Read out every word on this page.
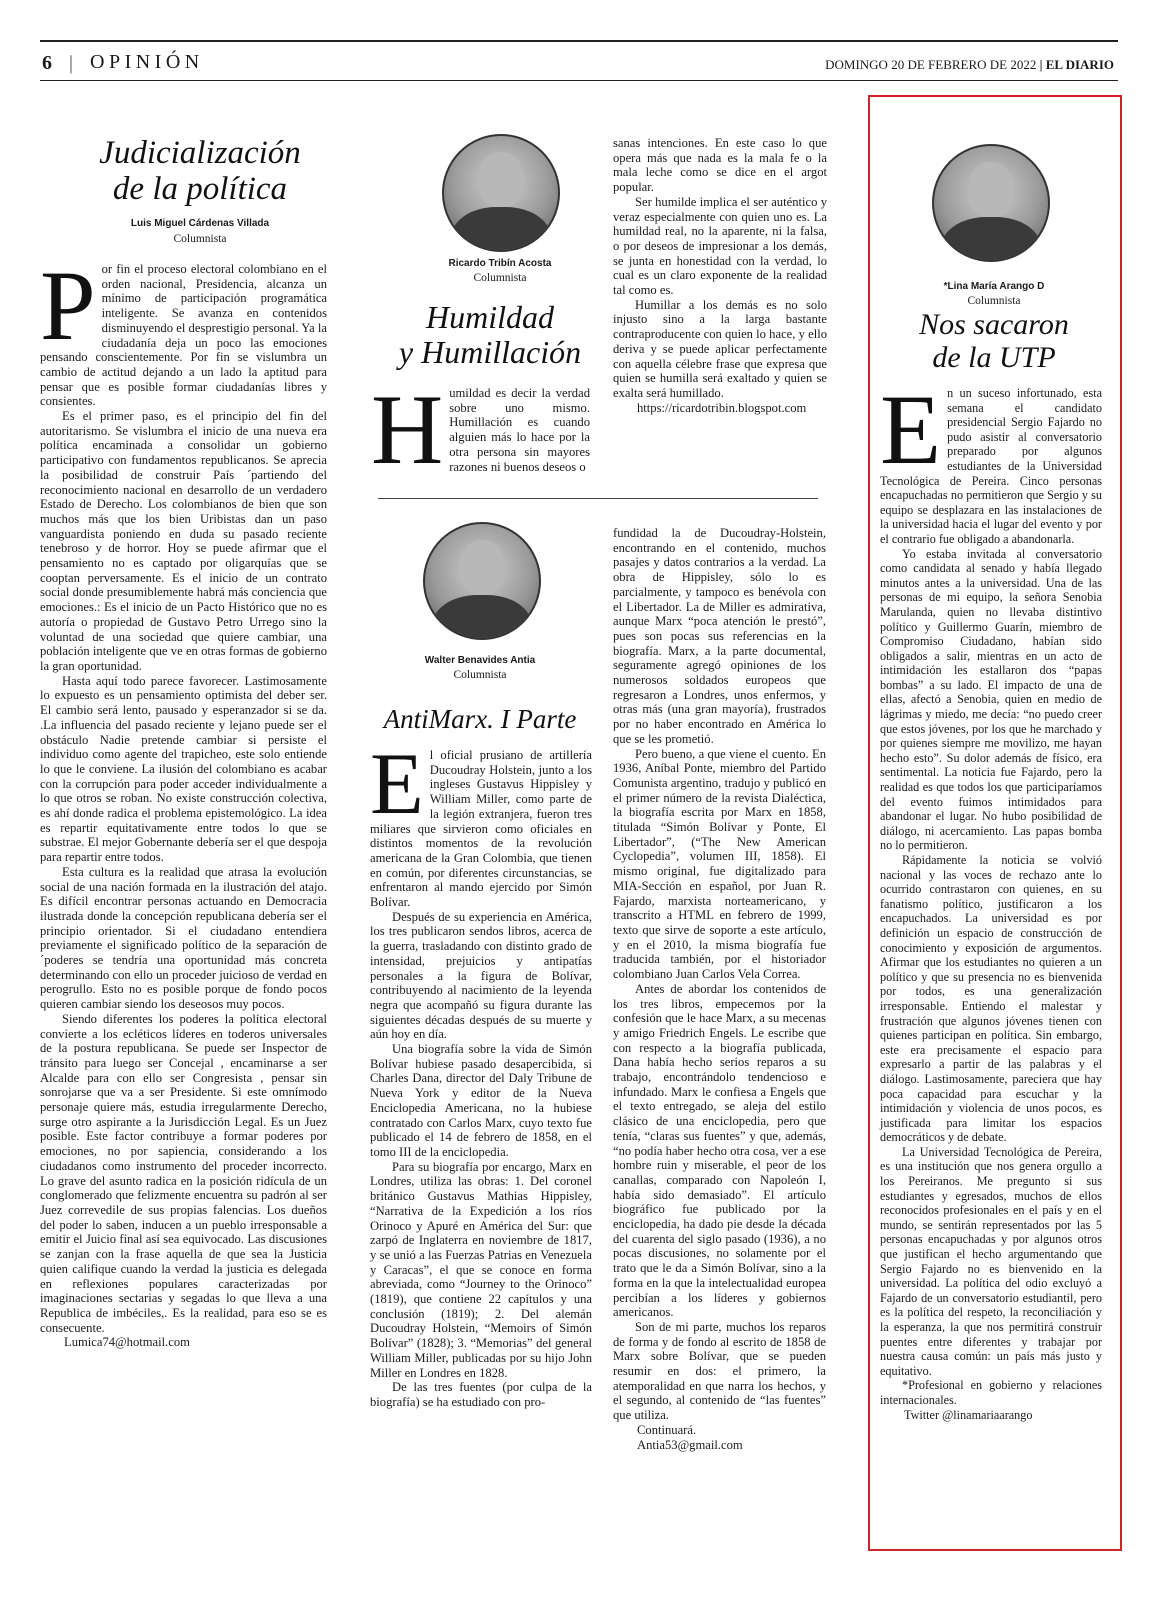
6 | OPINIÓN	DOMINGO 20 DE FEBRERO DE 2022 | EL DIARIO
Judicialización
de la política
Luis Miguel Cárdenas Villada
Columnista

Por fin el proceso electoral colombiano en el orden nacional, Presidencia, alcanza un mínimo de participación programática inteligente. Se avanza en contenidos disminuyendo el desprestigio personal. Ya la ciudadanía deja un poco las emociones pensando conscientemente. Por fin se vislumbra un cambio de actitud dejando a un lado la aptitud para pensar que es posible formar ciudadanías libres y consientes.

Es el primer paso, es el principio del fin del autoritarismo. Se vislumbra el inicio de una nueva era política encaminada a consolidar un gobierno participativo con fundamentos republicanos. Se aprecia la posibilidad de construir País ´partiendo del reconocimiento nacional en desarrollo de un verdadero Estado de Derecho. Los colombianos de bien que son muchos más que los bien Uribistas dan un paso vanguardista poniendo en duda su pasado reciente tenebroso y de horror. Hoy se puede afirmar que el pensamiento no es captado por oligarquías que se cooptan perversamente. Es el inicio de un contrato social donde presumiblemente habrá más conciencia que emociones.: Es el inicio de un Pacto Histórico que no es autoría o propiedad de Gustavo Petro Urrego sino la voluntad de una sociedad que quiere cambiar, una población inteligente que ve en otras formas de gobierno la gran oportunidad.

Hasta aquí todo parece favorecer. Lastimosamente lo expuesto es un pensamiento optimista del deber ser. El cambio será lento, pausado y esperanzador si se da. .La influencia del pasado reciente y lejano puede ser el obstáculo Nadie pretende cambiar si persiste el individuo como agente del trapicheo, este solo entiende lo que le conviene. La ilusión del colombiano es acabar con la corrupción para poder acceder individualmente a lo que otros se roban. No existe construcción colectiva, es ahí donde radica el problema epistemológico. La idea es repartir equitativamente entre todos lo que se substrae. El mejor Gobernante debería ser el que despoja para repartir entre todos.

Esta cultura es la realidad que atrasa la evolución social de una nación formada en la ilustración del atajo. Es difícil encontrar personas actuando en Democracia ilustrada donde la concepción republicana debería ser el principio orientador. Si el ciudadano entendiera previamente el significado político de la separación de ´poderes se tendría una oportunidad más concreta determinando con ello un proceder juicioso de verdad en perogrullo. Esto no es posible porque de fondo pocos quieren cambiar siendo los deseosos muy pocos.

Siendo diferentes los poderes la política electoral convierte a los ecléticos líderes en toderos universales de la postura republicana. Se puede ser Inspector de tránsito para luego ser Concejal , encaminarse a ser Alcalde para con ello ser Congresista , pensar sin sonrojarse que va a ser Presidente. Si este omnímodo personaje quiere más, estudia irregularmente Derecho, surge otro aspirante a la Jurisdicción Legal. Es un Juez posible. Este factor contribuye a formar poderes por emociones, no por sapiencia, considerando a los ciudadanos como instrumento del proceder incorrecto. Lo grave del asunto radica en la posición ridícula de un conglomerado que felizmente encuentra su padrón al ser Juez correvedile de sus propias falencias. Los dueños del poder lo saben, inducen a un pueblo irresponsable a emitir el Juicio final así sea equivocado. Las discusiones se zanjan con la frase aquella de que sea la Justicia quien califique cuando la verdad la justicia es delegada en reflexiones populares caracterizadas por imaginaciones sectarias y segadas lo que lleva a una Republica de imbéciles,. Es la realidad, para eso se es consecuente.

Lumica74@hotmail.com

Ricardo Tribín Acosta
Columnista
Humildad
y Humillación

Humildad es decir la verdad sobre uno mismo. Humillación es cuando alguien más lo hace por la otra persona sin mayores razones ni buenos deseos o

sanas intenciones. En este caso lo que opera más que nada es la mala fe o la mala leche como se dice en el argot popular.

Ser humilde implica el ser auténtico y veraz especialmente con quien uno es. La humildad real, no la aparente, ni la falsa, o por deseos de impresionar a los demás, se junta en honestidad con la verdad, lo cual es un claro exponente de la realidad tal como es.

Humillar a los demás es no solo injusto sino a la larga bastante contraproducente con quien lo hace, y ello deriva y se puede aplicar perfectamente con aquella célebre frase que expresa que quien se humilla será exaltado y quien se exalta será humillado.

https://ricardotribin.blogspot.com

Walter Benavides Antia
Columnista
AntiMarx. I Parte

El oficial prusiano de artillería Ducoudray Holstein, junto a los ingleses Gustavus Hippisley y William Miller, como parte de la legión extranjera, fueron tres miliares que sirvieron como oficiales en distintos momentos de la revolución americana de la Gran Colombia, que tienen en común, por diferentes circunstancias, se enfrentaron al mando ejercido por Simón Bolívar.

Después de su experiencia en América, los tres publicaron sendos libros, acerca de la guerra, trasladando con distinto grado de intensidad, prejuicios y antipatías personales a la figura de Bolívar, contribuyendo al nacimiento de la leyenda negra que acompañó su figura durante las siguientes décadas después de su muerte y aún hoy en día.

Una biografía sobre la vida de Simón Bolívar hubiese pasado desapercibida, si Charles Dana, director del Daly Tribune de Nueva York y editor de la Nueva Enciclopedia Americana, no la hubiese contratado con Carlos Marx, cuyo texto fue publicado el 14 de febrero de 1858, en el tomo III de la enciclopedia.

Para su biografía por encargo, Marx en Londres, utiliza las obras: 1. Del coronel británico Gustavus Mathias Hippisley, “Narrativa de la Expedición a los ríos Orinoco y Apuré en América del Sur: que zarpó de Inglaterra en noviembre de 1817, y se unió a las Fuerzas Patrias en Venezuela y Caracas”, el que se conoce en forma abreviada, como “Journey to the Orinoco” (1819), que contiene 22 capítulos y una conclusión (1819); 2. Del alemán Ducoudray Holstein, “Memoirs of Simón Bolívar” (1828); 3. “Memorias” del general William Miller, publicadas por su hijo John Miller en Londres en 1828.

De las tres fuentes (por culpa de la biografía) se ha estudiado con pro-

fundidad la de Ducoudray-Holstein, encontrando en el contenido, muchos pasajes y datos contrarios a la verdad. La obra de Hippisley, sólo lo es parcialmente, y tampoco es benévola con el Libertador. La de Miller es admirativa, aunque Marx “poca atención le prestó”, pues son pocas sus referencias en la biografía. Marx, a la parte documental, seguramente agregó opiniones de los numerosos soldados europeos que regresaron a Londres, unos enfermos, y otras más (una gran mayoría), frustrados por no haber encontrado en América lo que se les prometió.

Pero bueno, a que viene el cuento. En 1936, Aníbal Ponte, miembro del Partido Comunista argentino, tradujo y publicó en el primer número de la revista Dialéctica, la biografía escrita por Marx en 1858, titulada “Simón Bolívar y Ponte, El Libertador”, (“The New American Cyclopedia”, volumen III, 1858). El mismo original, fue digitalizado para MIA-Sección en español, por Juan R. Fajardo, marxista norteamericano, y transcrito a HTML en febrero de 1999, texto que sirve de soporte a este artículo, y en el 2010, la misma biografía fue traducida también, por el historiador colombiano Juan Carlos Vela Correa.

Antes de abordar los contenidos de los tres libros, empecemos por la confesión que le hace Marx, a su mecenas y amigo Friedrich Engels. Le escribe que con respecto a la biografía publicada, Dana había hecho serios reparos a su trabajo, encontrándolo tendencioso e infundado. Marx le confiesa a Engels que el texto entregado, se aleja del estilo clásico de una enciclopedia, pero que tenía, “claras sus fuentes” y que, además, “no podía haber hecho otra cosa, ver a ese hombre ruin y miserable, el peor de los canallas, comparado con Napoleón I, había sido demasiado”. El artículo biográfico fue publicado por la enciclopedia, ha dado pie desde la década del cuarenta del siglo pasado (1936), a no pocas discusiones, no solamente por el trato que le da a Simón Bolívar, sino a la forma en la que la intelectualidad europea percibían a los líderes y gobiernos americanos.

Son de mi parte, muchos los reparos de forma y de fondo al escrito de 1858 de Marx sobre Bolívar, que se pueden resumir en dos: el primero, la atemporalidad en que narra los hechos, y el segundo, al contenido de “las fuentes” que utiliza.

Continuará.

Antia53@gmail.com

*Lina María Arango D
Columnista
Nos sacaron
de la UTP

En un suceso infortunado, esta semana el candidato presidencial Sergio Fajardo no pudo asistir al conversatorio preparado por algunos estudiantes de la Universidad Tecnológica de Pereira. Cinco personas encapuchadas no permitieron que Sergio y su equipo se desplazara en las instalaciones de la universidad hacia el lugar del evento y por el contrario fue obligado a abandonarla.

Yo estaba invitada al conversatorio como candidata al senado y había llegado minutos antes a la universidad. Una de las personas de mi equipo, la señora Senobia Marulanda, quien no llevaba distintivo político y Guillermo Guarín, miembro de Compromiso Ciudadano, habían sido obligados a salir, mientras en un acto de intimidación les estallaron dos “papas bombas” a su lado. El impacto de una de ellas, afectó a Senobia, quien en medio de lágrimas y miedo, me decía: “no puedo creer que estos jóvenes, por los que he marchado y por quienes siempre me movilizo, me hayan hecho esto”. Su dolor además de físico, era sentimental. La noticia fue Fajardo, pero la realidad es que todos los que participaríamos del evento fuimos intimidados para abandonar el lugar. No hubo posibilidad de diálogo, ni acercamiento. Las papas bomba no lo permitieron.

Rápidamente la noticia se volvió nacional y las voces de rechazo ante lo ocurrido contrastaron con quienes, en su fanatismo político, justificaron a los encapuchados. La universidad es por definición un espacio de construcción de conocimiento y exposición de argumentos. Afirmar que los estudiantes no quieren a un político y que su presencia no es bienvenida por todos, es una generalización irresponsable. Entiendo el malestar y frustración que algunos jóvenes tienen con quienes participan en política. Sin embargo, este era precisamente el espacio para expresarlo a partir de las palabras y el diálogo. Lastimosamente, pareciera que hay poca capacidad para escuchar y la intimidación y violencia de unos pocos, es justificada para limitar los espacios democráticos y de debate.

La Universidad Tecnológica de Pereira, es una institución que nos genera orgullo a los Pereiranos. Me pregunto si sus estudiantes y egresados, muchos de ellos reconocidos profesionales en el país y en el mundo, se sentirán representados por las 5 personas encapuchadas y por algunos otros que justifican el hecho argumentando que Sergio Fajardo no es bienvenido en la universidad. La política del odio excluyó a Fajardo de un conversatorio estudiantil, pero es la política del respeto, la reconciliación y la esperanza, la que nos permitirá construir puentes entre diferentes y trabajar por nuestra causa común: un país más justo y equitativo.

*Profesional en gobierno y relaciones internacionales.

Twitter @linamariaarango
